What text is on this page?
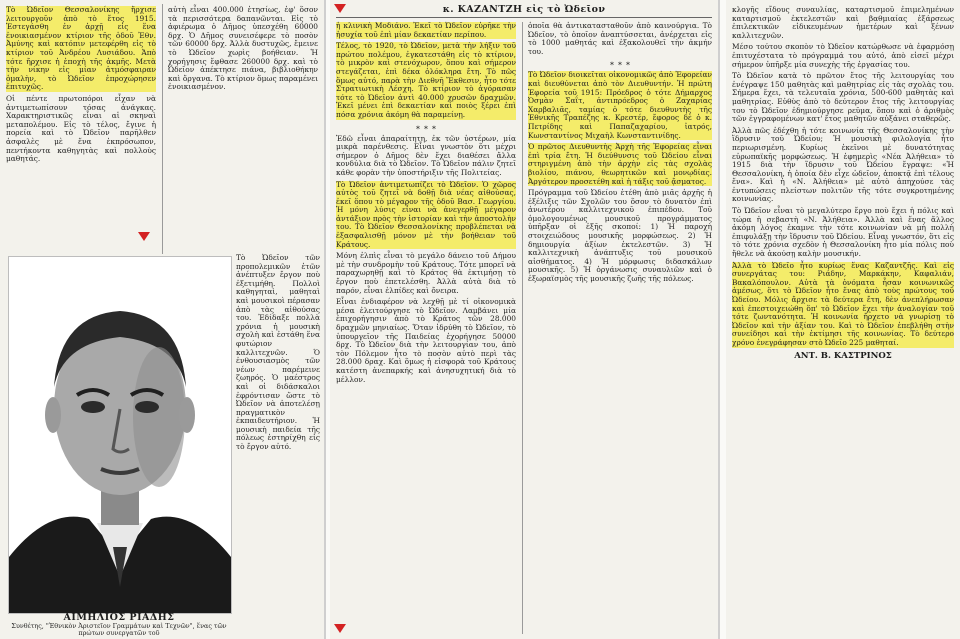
Τὸ Ὠδεῖον Θεσσαλονίκης ἤρχισε λειτουργοῦν ἀπὸ τὸ ἔτος 1915. Ἐστεγάσθη ἐν ἀρχῇ εἰς ἕνα ἐνοικιασμένον κτίριον τῆς ὁδοῦ Ἐθν. Ἀμύνης καὶ κατόπιν μετεφέρθη εἰς τὸ κτίριον τοῦ Ἀνδρέου Λυσιάδου. Ἀπὸ τότε ἤρχισε ἡ ἐποχὴ τῆς ἀκμῆς. Μετὰ τὴν νίκην εἰς μίαν ἀτμόσφαιραν ὁμαλὴν, τὸ Ὠδεῖον ἐπροχώρησεν ἐπιτυχῶς.

Οἱ πέντε πρωτοπόροι εἶχαν νὰ ἀντιμετωπίσουν τόσας ἀνάγκας. Χαρακτηριστικῶς εἶναι αἱ σκηναὶ μεταπολέμου. Εἰς τὸ τέλος, ἔγινε ἡ πορεία καὶ τὸ Ὠδεῖον παρῆλθεν ἀσφαλὲς μὲ ἕνα ἐκπρόσωπον, πεντήκοντα καθηγητὰς καὶ πολλοὺς μαθητάς.

αὐτὴ εἶναι 400.000 ἐτησίως, ἐφ' ὅσον τὰ περισσότερα δαπανῶνται. Εἰς τὸ ἀφιέρωμα ὁ Δῆμος ὑπεσχέθη 60000 δρχ. Ὁ Δῆμος συνεισέφερε τὸ ποσὸν τῶν 60000 δρχ. Ἀλλὰ δυστυχῶς, ἔμεινε τὸ Ὠδεῖον χωρὶς βοήθειαν. Ἡ χορήγησις ἔφθασε 260000 δρχ. καὶ τὸ Ὠδεῖον ἀπέκτησε πιάνα, βιβλιοθήκην καὶ ὄργανα. Τὸ κτίριον ὅμως παραμένει ἐνοικιασμένον.

Τὸ Ὠδεῖον τῶν προπολεμικῶν ἐτῶν ἀνέπτυξεν ἔργον ποὺ ἐξετιμήθη. Πολλοὶ καθηγηταὶ, μαθηταὶ καὶ μουσικοὶ πέρασαν ἀπὸ τὰς αἰθούσας του. Ἐδίδαξε πολλὰ χρόνια ἡ μουσικὴ σχολὴ καὶ ἐστάθη ἕνα φυτώριον καλλιτεχνῶν. Ὁ ἐνθουσιασμὸς τῶν νέων παρέμεινε ζωηρός. Ὁ μαέστρος καὶ οἱ διδάσκαλοι ἐφρόντισαν ὥστε τὸ Ὠδεῖον νὰ ἀποτελέσῃ πραγματικὸν ἐκπαιδευτήριον. Ἡ μουσικὴ παιδεία τῆς πόλεως ἐστηρίχθη εἰς τὸ ἔργον αὐτό.

ΑΙΜΗΛΙΟΣ ΡΙΑΔΗΣ
Συνθέτης, "Ἐθνικὸν Ἀριστεῖον Γραμμάτων καὶ Τεχνῶν", ἕνας τῶν πρώτων συνεργατῶν τοῦ
κ. ΚΑΖΑΝΤΖΗ εἰς τὸ Ὠδεῖον

ἡ κλινικὴ Μοδιάνο. Ἐκεῖ τὸ Ὠδεῖον εὑρῆκε τὴν ἡσυχία τοῦ ἐπὶ μίαν δεκαετίαν περίπου.

Τέλος, τὸ 1920, τὸ Ὠδεῖον, μετὰ τὴν λήξιν τοῦ πρώτου πολέμου, ἐγκατεστάθη εἰς τὸ κτίριον, τὸ μικρὸν καὶ στενόχωρον, ὅπου καὶ σήμερον στεγάζεται, ἐπὶ δέκα ὁλόκληρα ἔτη. Τὸ πῶς ὅμως αὐτό, παρὰ τὴν Διεθνῆ Ἔκθεσιν, ἦτο τότε Στρατιωτικὴ Λέσχη. Τὸ κτίριον τὸ ἀγόρασαν τότε τὸ Ὠδεῖον ἀντὶ 40.000 χρυσῶν δραχμῶν. Ἐκεῖ μένει ἐπὶ δεκαετίαν καὶ ποιὸς ξέρει ἐπὶ πόσα χρόνια ἀκόμη θὰ παραμείνῃ.

∗ ∗ ∗

Ἐδῶ εἶναι ἀπαραίτητη, ἐκ τῶν ὑστέρων, μία μικρὰ παρένθεσις. Εἶναι γνωστὸν ὅτι μέχρι σήμερον ὁ Δῆμος δὲν ἔχει διαθέσει ἄλλα κονδύλια διὰ τὸ Ὠδεῖον. Τὸ Ὠδεῖον πάλιν ζητεῖ κάθε φορὰν τὴν ὑποστήριξιν τῆς Πολιτείας.

Τὸ Ὠδεῖον ἀντιμετωπίζει τὸ Ὠδεῖον. Ὁ χῶρος αὐτὸς τοῦ ζητεῖ νὰ δοθῇ διὰ νέας αἰθούσας, ἐκεῖ ὅπου τὸ μέγαρον τῆς ὁδοῦ Βασ. Γεωργίου. Ἡ μόνη λύσις εἶναι νὰ ἀνεγερθῇ μέγαρον ἀντάξιον πρὸς τὴν ἱστορίαν καὶ τὴν ἀποστολὴν του. Τὸ Ὠδεῖον Θεσσαλονίκης προβλέπεται νὰ ἐξασφαλισθῇ μόνον μὲ τὴν βοήθειαν τοῦ Κράτους.

Μόνη ἐλπὶς εἶναι τὸ μεγάλο δάνειο τοῦ Δήμου μὲ τὴν συνδρομὴν τοῦ Κράτους. Τότε μπορεῖ νὰ παραχωρηθῇ καὶ τὸ Κράτος θὰ ἐκτιμήσῃ τὸ ἔργον ποὺ ἐπετελέσθη. Ἀλλὰ αὐτὰ διὰ τὸ παρόν, εἶναι ἐλπίδες καὶ ὄνειρα.

Εἶναι ἐνδιαφέρον νὰ λεχθῇ μὲ τί οἰκονομικὰ μέσα ἐλειτούργησε τὸ Ὠδεῖον. Λαμβάνει μία ἐπιχορήγησιν ἀπὸ τὸ Κράτος τῶν 28.000 δραχμῶν μηνιαίως. Ὅταν ἱδρύθη τὸ Ὠδεῖον, τὸ ὑπουργεῖον τῆς Παιδείας ἐχορήγησε 50000 δρχ. Τὸ Ὠδεῖον διὰ τὴν λειτουργίαν του, ἀπὸ τὸν Πόλεμον ἦτο τὸ ποσὸν αὐτὸ περὶ τὰς 28.000 δραχ. Καὶ ὅμως ἡ εἰσφορὰ τοῦ Κράτους κατέστη ἀνεπαρκής καὶ ἀνησυχητική διὰ τὸ μέλλον.

ὁποῖα θὰ ἀντικατασταθοῦν ἀπὸ καινούργια. Τὸ Ὠδεῖον, τὸ ὁποῖον ἀναπτύσσεται, ἀνέρχεται εἰς τὸ 1000 μαθητάς καὶ ἐξακολουθεῖ τὴν ἀκμήν του.

∗ ∗ ∗

Τὸ Ὠδεῖον διοικεῖται οἰκονομικῶς ἀπὸ Ἐφορείαν καὶ διευθύνεται ἀπὸ τὸν Διευθυντήν. Ἡ πρώτη Ἐφορεία τοῦ 1915: Πρόεδρος ὁ τότε Δήμαρχος Ὀσμὰν Σαΐτ, ἀντιπρόεδρος ὁ Ζαχαρίας Χαρβαλιᾶς, ταμίας ὁ τότε διευθυντὴς τῆς Ἐθνικῆς Τραπέζης κ. Κρεστέρ, ἔφορος δὲ ὁ κ. Πετρίδης καὶ Παπαζαχαρίου, ἰατρός, Κωνσταντίνος Μιχαὴλ Κωνσταντινίδης.

Ὁ πρῶτος Διευθυντὴς Ἀρχὴ τῆς Ἐφορείας εἶναι ἐπὶ τρία ἔτη. Ἡ διεύθυνσις τοῦ Ὠδείου εἶναι στηριγμένη ἀπὸ τὴν ἀρχὴν εἰς τὰς σχολὰς βιολίου, πιάνου, θεωρητικῶν καὶ μονῳδίας. Ἀργότερον προσετέθη καὶ ἡ τάξις τοῦ ᾄσματος.

Πρόγραμμα τοῦ Ὠδείου ἐτέθη ἀπὸ μιᾶς ἀρχῆς ἡ ἐξέλιξις τῶν Σχολῶν του ὅσον τὸ δυνατὸν ἐπὶ ἀνωτέρου καλλιτεχνικοῦ ἐπιπέδου. Τοῦ ὁμολογουμένως μουσικοῦ προγράμματος ὑπῆρξαν οἱ ἐξῆς σκοποί: 1) Ἡ παροχὴ στοιχειώδους μουσικῆς μορφώσεως. 2) Ἡ δημιουργία ἀξίων ἐκτελεστῶν. 3) Ἡ καλλιτεχνικὴ ἀνάπτυξις τοῦ μουσικοῦ αἰσθήματος. 4) Ἡ μόρφωσις διδασκάλων μουσικῆς. 5) Ἡ ὀργάνωσις συναυλιῶν καὶ ὁ ἐξωραϊσμὸς τῆς μουσικῆς ζωῆς τῆς πόλεως.

κλογῆς εἴδους συναυλίας, καταρτισμοῦ ἐπιμελημένων καταρτισμοῦ ἐκτελεστῶν καὶ βαθμιαίας ἐξάρσεως ἐπιλεκτικῶν εἰδικευμένων ἡμετέρων καὶ ξένων καλλιτεχνῶν.

Μέσο τούτου σκοπὸν τὸ Ὠδεῖον κατώρθωσε νὰ ἐφαρμόσῃ ἐπιτυχέστατα τὸ πρόγραμμά του αὐτό, ἀπὸ εἰσεῖ μέχρι σήμερον ὑπῆρξε μία συνεχὴς τῆς ἐργασίας του.

Τὸ Ὠδεῖον κατὰ τὸ πρῶτον ἔτος τῆς λειτουργίας του ἐνέγραψε 150 μαθητὰς καὶ μαθητρίας εἰς τὰς σχολὰς του. Σήμερα ἔχει, τὰ τελευταῖα χρόνια, 500-600 μαθητὰς καὶ μαθητρίας. Εὐθὺς ἀπὸ τὸ δεύτερον ἔτος τῆς λειτουργίας του τὸ Ὠδεῖον ἐδημιούργησε ρεῦμα, ὅπου καὶ ὁ ἀριθμὸς τῶν ἐγγραφομένων κατ' ἔτος μαθητῶν αὐξάνει σταθερῶς.

Ἀλλὰ πῶς ἐδέχθη ἡ τότε κοινωνία τῆς Θεσσαλονίκης τὴν ἵδρυσιν τοῦ Ὠδείου; Ἡ μουσικὴ φιλολογία ἦτο περιωρισμένη. Κυρίως ἐκεῖνοι μὲ δυνατότητας εὐρωπαϊκῆς μορφώσεως. Ἡ ἐφημερὶς «Νέα Ἀλήθεια» τὸ 1915 διὰ τὴν ἵδρυσιν τοῦ Ὠδείου ἔγραψε: «Ἡ Θεσσαλονίκη, ἡ ὁποία δὲν εἶχε ὠδεῖον, ἀποκτᾷ ἐπὶ τέλους ἕνα». Καὶ ἡ «Ν. Ἀλήθεια» μὲ αὐτὸ ἀπηχούσε τὰς ἐντυπώσεις πλείστων πολιτῶν τῆς τότε συγκροτημένης κοινωνίας.

Τὸ Ὠδεῖον εἶναι τὸ μεγαλύτερο ἔργο ποὺ ἔχει ἡ πόλις καὶ τώρα ἡ σεβαστὴ «Ν. Ἀλήθεια». Ἀλλὰ καὶ ἕνας ἄλλος ἀκόμη λόγος ἐκαμνε τὴν τότε κοινωνίαν νὰ μὴ πολλὴ ἐπιφυλάξῃ τὴν ἵδρυσιν τοῦ Ὠδείου. Εἶναι γνωστόν, ὅτι εἰς τὸ τότε χρόνια σχεδὸν ἡ Θεσσαλονίκη ἦτο μία πόλις ποὺ ἤθελε νὰ ἀκούσῃ καλὴν μουσικήν.

Ἀλλὰ τὸ Ὠδεῖο ἦτο κυρίως ἕνας Καζαντζῆς. Καὶ εἰς συνεργάτας του: Ριάδην, Μαρκάκην, Καφαλιάν, Βακαλόπουλον. Αὐτὰ τὰ ὀνόματα ἦσαν κοινωνικῶς ἀμέσως, ὅτι τὸ Ὠδεῖον ἦτο ἕνας ἀπὸ τοὺς πρώτους τοῦ Ὠδείου. Μόλις ἄρχισε τὰ δεύτερα ἔτη, δὲν ἀνεπλήρωσαν καὶ ἐπεστοιχειώθη ὅπ' τὸ Ὠδεῖον ἔχει τὴν ἀναλογίαν τοῦ τότε ζωντανότητα. Ἡ κοινωνία ἤρχετο νὰ γνωρίσῃ τὸ Ὠδεῖον καὶ τὴν ἀξίαν του. Καὶ τὸ Ὠδεῖον ἐπεβλήθη στὴν συνείδησι καὶ τὴν ἐκτίμησι τῆς κοινωνίας. Τὸ δεύτερο χρόνο ἐνεγράφησαν στὸ Ὠδεῖο 225 μαθηταί.

ΑΝΤ. Β. ΚΑΣΤΡΙΝΟΣ
